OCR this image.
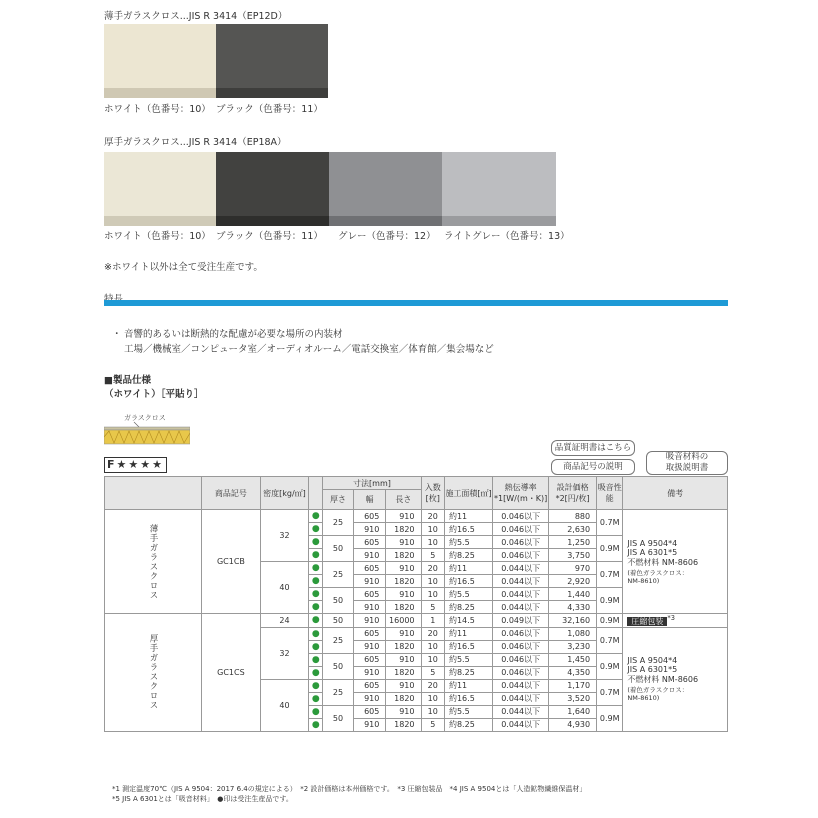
薄手ガラスクロス...JIS R 3414（EP12D）
ホワイト（色番号：10） ブラック（色番号：11）
厚手ガラスクロス...JIS R 3414（EP18A）
ホワイト（色番号：10） ブラック（色番号：11） グレー（色番号：12） ライトグレー（色番号：13）
※ホワイト以外は全て受注生産です。
・ 音響的あるいは断熱的な配慮が必要な場所の内装材
工場／機械室／コンピュータ室／オーディオルーム／電話交換室／体育館／集会場など
■製品仕様
（ホワイト）［平貼り］
ガラスクロス
F★★★★
品質証明書はこちら
商品記号の説明
吸音材料の
取扱説明書
	商品記号	密度[kg/㎡]		寸法[mm]			入数[枚]	施工面積[㎡]	熱伝導率*1[W/(m・K)]	設計価格*2[円/枚]	吸音性能	備考
				厚さ	幅	長さ						
薄手ガラスクロス	GC1CB	32	●	25	605	910	20	約11	0.046以下	880	0.7M	JIS A 9504*4
JIS A 6301*5
不燃材料 NM-8606
(着色ガラスクロス：
NM-8610)

			●		910	1820	10	約16.5	0.046以下	2,630		
			●	50	605	910	10	約5.5	0.046以下	1,250	0.9M	
			●		910	1820	5	約8.25	0.046以下	3,750		
		40	●	25	605	910	20	約11	0.044以下	970	0.7M	
			●		910	1820	10	約16.5	0.044以下	2,920		
			●	50	605	910	10	約5.5	0.044以下	1,440	0.9M	
			●		910	1820	5	約8.25	0.044以下	4,330		
厚手ガラスクロス	GC1CS	24	●	50	910	16000	1	約14.5	0.049以下	32,160	0.9M	圧縮包装 $^{*3}$
		32	●	25	605	910	20	約11	0.046以下	1,080	0.7M	JIS A 9504*4
JIS A 6301*5
不燃材料 NM-8606
(着色ガラスクロス：
NM-8610)

			●		910	1820	10	約16.5	0.046以下	3,230		
			●	50	605	910	10	約5.5	0.046以下	1,450	0.9M	
			●		910	1820	5	約8.25	0.046以下	4,350		
		40	●	25	605	910	20	約11	0.044以下	1,170	0.7M	
			●		910	1820	10	約16.5	0.044以下	3,520		
			●	50	605	910	10	約5.5	0.044以下	1,640	0.9M	
			●		910	1820	5	約8.25	0.044以下	4,930		
*1 測定温度70℃（JIS A 9504：2017 6.4の規定による）　*2 設計価格は本州価格です。　*3 圧縮包装品　*4 JIS A 9504とは「人造鉱物繊維保温材」
*5 JIS A 6301とは「吸音材料」　●印は受注生産品です。
